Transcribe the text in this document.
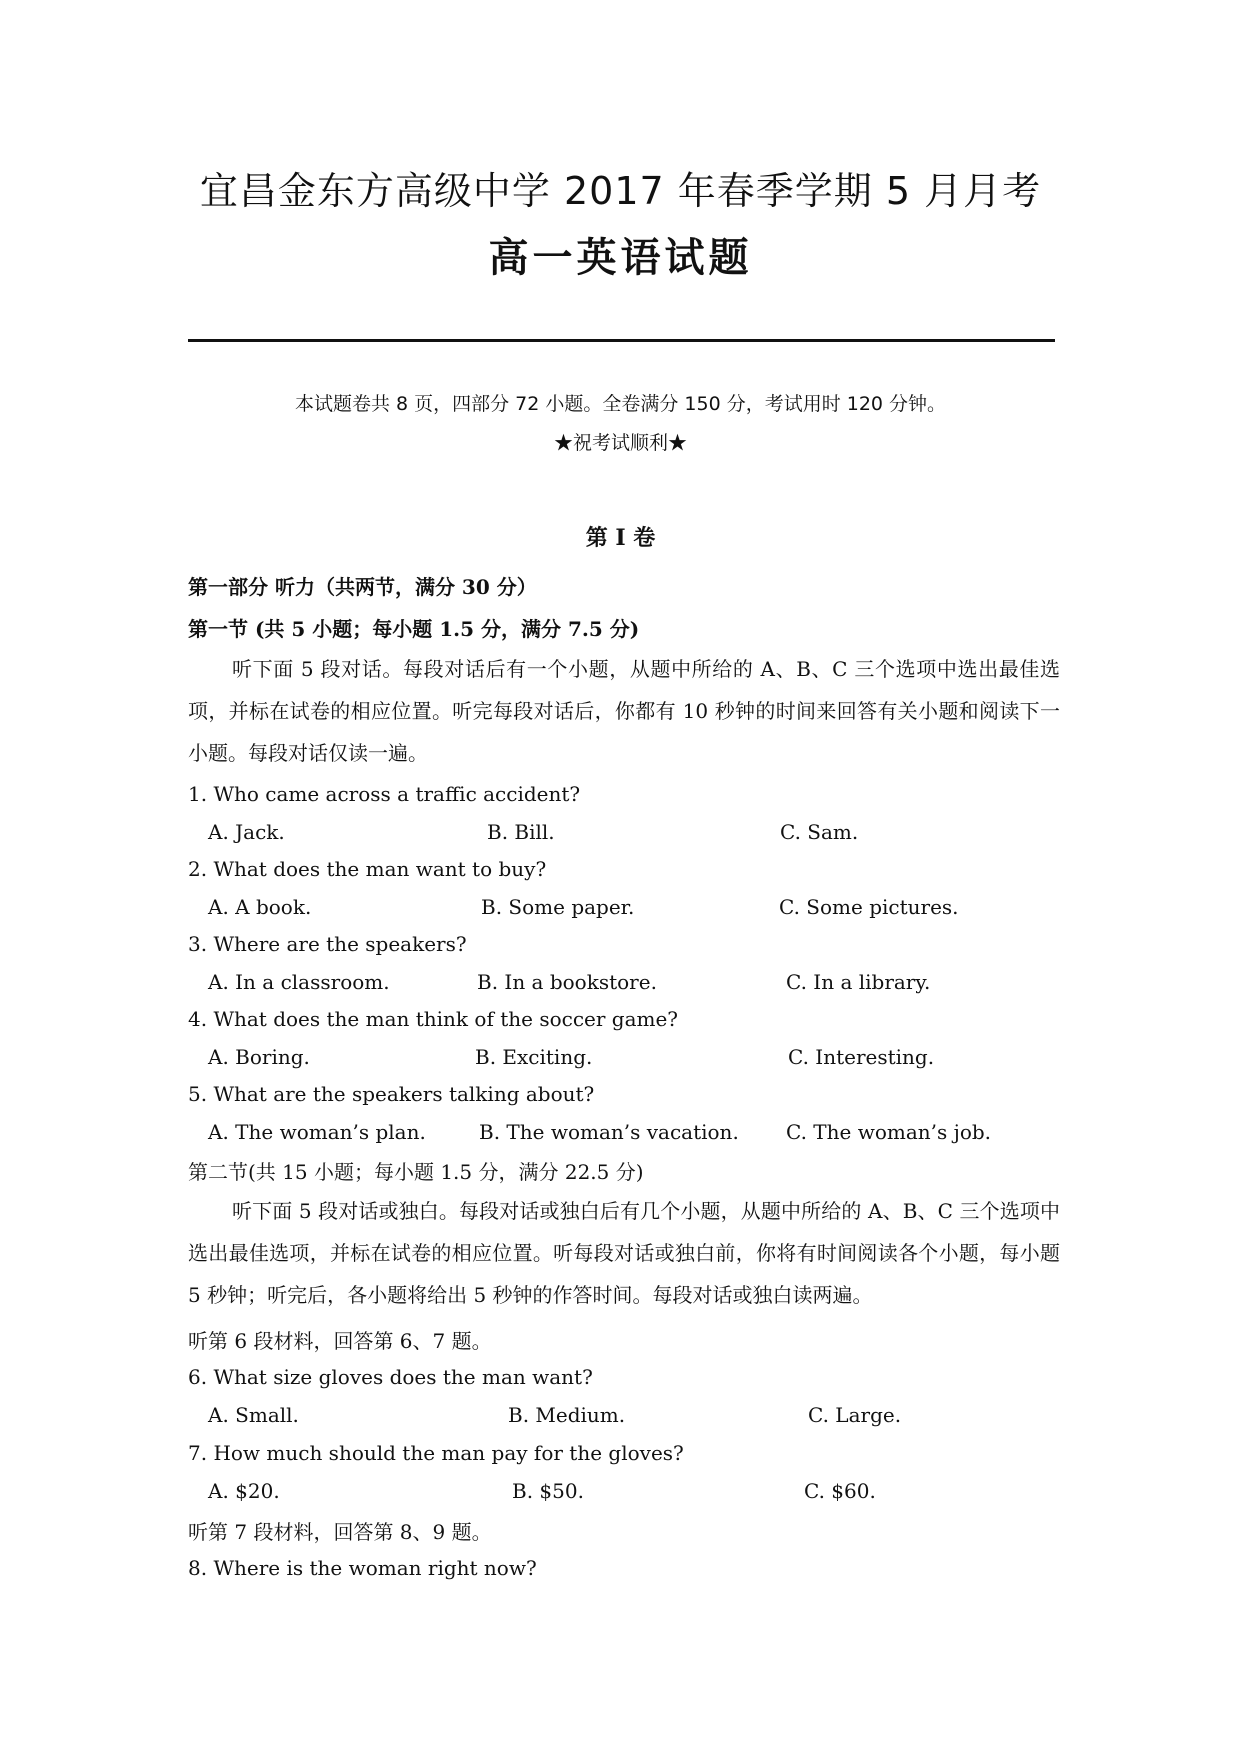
宜昌金东方高级中学 2017 年春季学期 5 月月考
高一英语试题
本试题卷共 8 页，四部分 72 小题。全卷满分 150 分，考试用时 120 分钟。
★祝考试顺利★
第 I 卷
第一部分 听力（共两节，满分 30 分）
第一节 (共 5 小题；每小题 1.5 分，满分 7.5 分)

听下面 5 段对话。每段对话后有一个小题，从题中所给的 A、B、C 三个选项中选出最佳选项，并标在试卷的相应位置。听完每段对话后，你都有 10 秒钟的时间来回答有关小题和阅读下一小题。每段对话仅读一遍。

1. Who came across a traffic accident?
A. Jack.	B. Bill.	C. Sam.
2. What does the man want to buy?
A. A book.	B. Some paper.	C. Some pictures.
3. Where are the speakers?
A. In a classroom.	B. In a bookstore.	C. In a library.
4. What does the man think of the soccer game?
A. Boring.	B. Exciting.	C. Interesting.
5. What are the speakers talking about?
A. The woman’s plan.	B. The woman’s vacation. C. The woman’s job.
第二节(共 15 小题；每小题 1.5 分，满分 22.5 分)

听下面 5 段对话或独白。每段对话或独白后有几个小题，从题中所给的 A、B、C 三个选项中选出最佳选项，并标在试卷的相应位置。听每段对话或独白前，你将有时间阅读各个小题，每小题 5 秒钟；听完后，各小题将给出 5 秒钟的作答时间。每段对话或独白读两遍。

听第 6 段材料，回答第 6、7 题。
6. What size gloves does the man want?
A. Small.	B. Medium.	C. Large.
7. How much should the man pay for the gloves?
A. $20.	B. $50.	C. $60.
听第 7 段材料，回答第 8、9 题。
8. Where is the woman right now?
